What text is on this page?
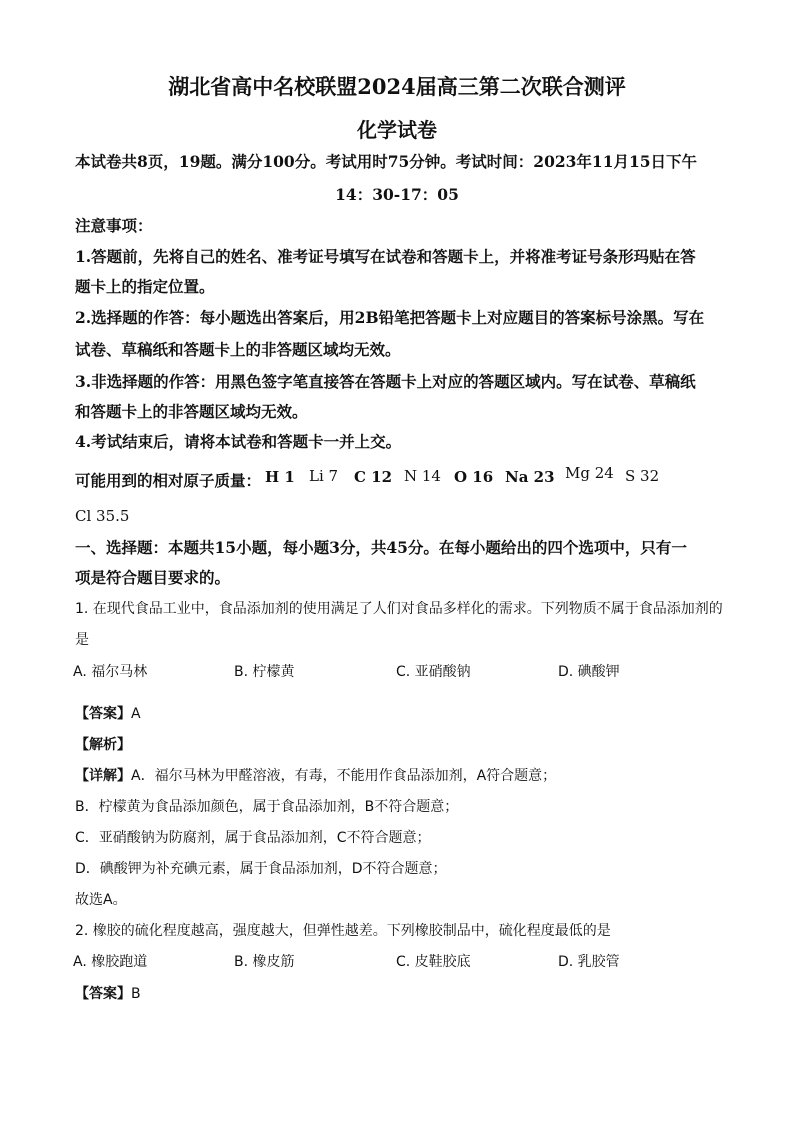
湖北省高中名校联盟2024届高三第二次联合测评
化学试卷
本试卷共8页，19题。满分100分。考试用时75分钟。考试时间：2023年11月15日下午
14：30-17：05
注意事项：
1.答题前，先将自己的姓名、准考证号填写在试卷和答题卡上，并将准考证号条形玛贴在答
题卡上的指定位置。
2.选择题的作答：每小题选出答案后，用2B铅笔把答题卡上对应题目的答案标号涂黑。写在
试卷、草稿纸和答题卡上的非答题区域均无效。
3.非选择题的作答：用黑色签字笔直接答在答题卡上对应的答题区域内。写在试卷、草稿纸
和答题卡上的非答题区域均无效。
4.考试结束后，请将本试卷和答题卡一并上交。
可能用到的相对原子质量： H 1 Li 7 C 12 N 14 O 16 Na 23 Mg 24 S 32
Cl 35.5
一、选择题：本题共15小题，每小题3分，共45分。在每小题给出的四个选项中，只有一
项是符合题目要求的。
1. 在现代食品工业中，食品添加剂的使用满足了人们对食品多样化的需求。下列物质不属于食品添加剂的
是
A. 福尔马林	B. 柠檬黄	C. 亚硝酸钠	D. 碘酸钾
【答案】A
【解析】
【详解】A．福尔马林为甲醛溶液，有毒，不能用作食品添加剂，A符合题意；
B．柠檬黄为食品添加颜色，属于食品添加剂，B不符合题意；
C．亚硝酸钠为防腐剂，属于食品添加剂，C不符合题意；
D．碘酸钾为补充碘元素，属于食品添加剂，D不符合题意；
故选A。
2. 橡胶的硫化程度越高，强度越大，但弹性越差。下列橡胶制品中，硫化程度最低的是
A. 橡胶跑道	B. 橡皮筋	C. 皮鞋胶底	D. 乳胶管
【答案】B
